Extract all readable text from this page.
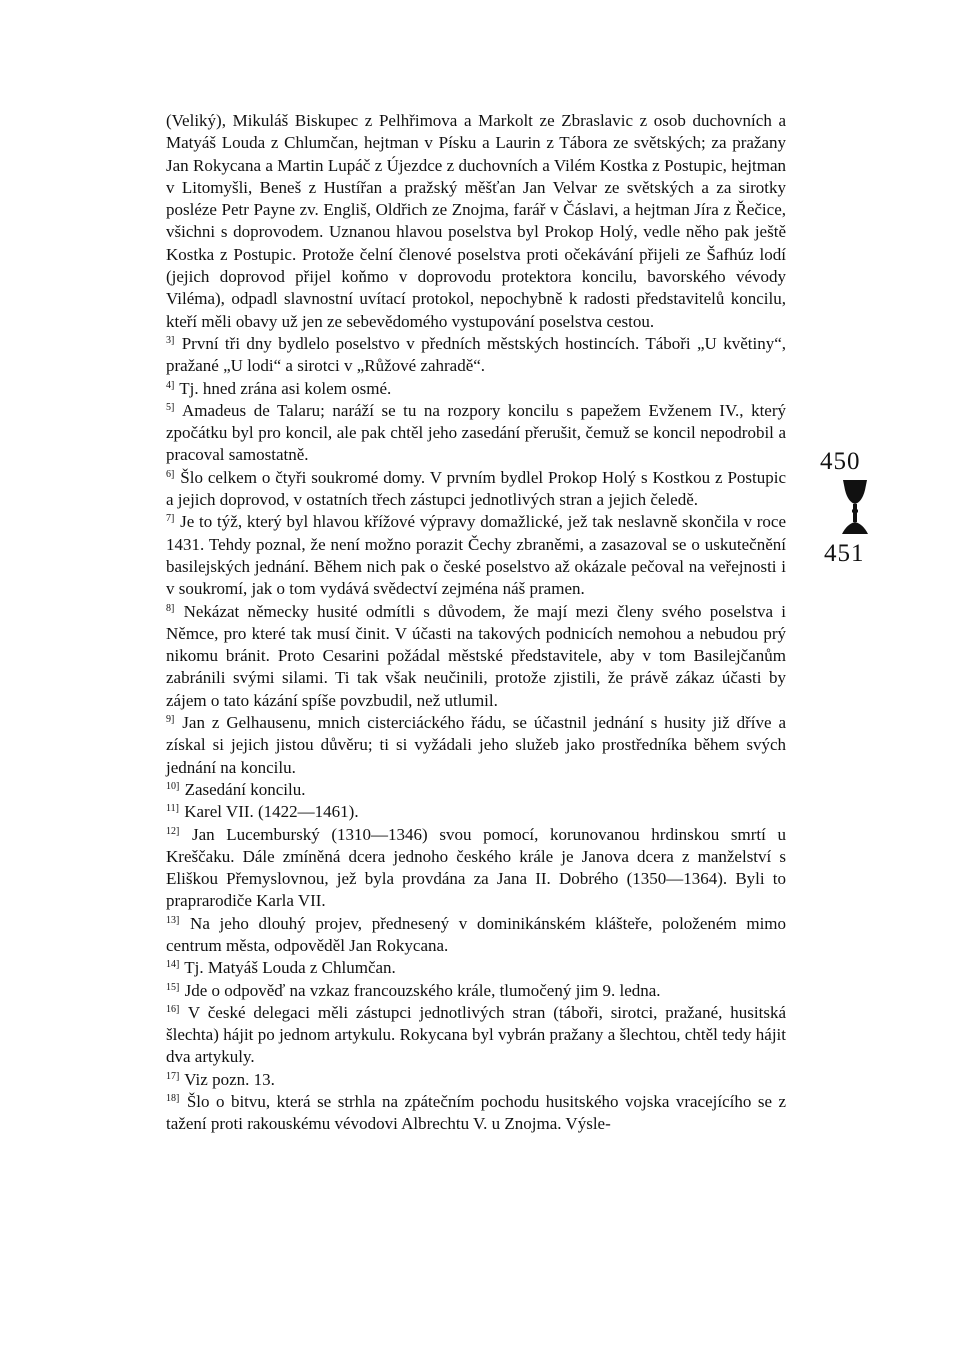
(Veliký), Mikuláš Biskupec z Pelhřimova a Markolt ze Zbraslavic z osob duchovních a Matyáš Louda z Chlumčan, hejtman v Písku a Laurin z Tábora ze světských; za pražany Jan Rokycana a Martin Lupáč z Újezdce z duchovních a Vilém Kostka z Postupic, hejtman v Litomyšli, Beneš z Hustířan a pražský měšťan Jan Velvar ze světských a za sirotky posléze Petr Payne zv. Engliš, Oldřich ze Znojma, farář v Čáslavi, a hejtman Jíra z Řečice, všichni s doprovodem. Uznanou hlavou poselstva byl Prokop Holý, vedle něho pak ještě Kostka z Postupic. Protože čelní členové poselstva proti očekávání přijeli ze Šafhúz lodí (jejich doprovod přijel koňmo v doprovodu protektora koncilu, bavorského vévody Viléma), odpadl slavnostní uvítací protokol, nepochybně k radosti představitelů koncilu, kteří měli obavy už jen ze sebevědomého vystupování poselstva cestou.

$^{3]}$ První tři dny bydlelo poselstvo v předních městských hostincích. Táboři „U květiny“, pražané „U lodi“ a sirotci v „Růžové zahradě“.

$^{4]}$ Tj. hned zrána asi kolem osmé.

$^{5]}$ Amadeus de Talaru; naráží se tu na rozpory koncilu s papežem Evženem IV., který zpočátku byl pro koncil, ale pak chtěl jeho zasedání přerušit, čemuž se koncil nepodrobil a pracoval samostatně.

$^{6]}$ Šlo celkem o čtyři soukromé domy. V prvním bydlel Prokop Holý s Kostkou z Postupic a jejich doprovod, v ostatních třech zástupci jednotlivých stran a jejich čeledě.

$^{7]}$ Je to týž, který byl hlavou křížové výpravy domažlické, jež tak neslavně skončila v roce 1431. Tehdy poznal, že není možno porazit Čechy zbraněmi, a zasazoval se o uskutečnění basilejských jednání. Během nich pak o české poselstvo až okázale pečoval na veřejnosti i v soukromí, jak o tom vydává svědectví zejména náš pramen.

$^{8]}$ Nekázat německy husité odmítli s důvodem, že mají mezi členy svého poselstva i Němce, pro které tak musí činit. V účasti na takových podnicích nemohou a nebudou prý nikomu bránit. Proto Cesarini požádal městské představitele, aby v tom Basilejčanům zabránili svými silami. Ti tak však neučinili, protože zjistili, že právě zákaz účasti by zájem o tato kázání spíše povzbudil, než utlumil.

$^{9]}$ Jan z Gelhausenu, mnich cisterciáckého řádu, se účastnil jednání s husity již dříve a získal si jejich jistou důvěru; ti si vyžádali jeho služeb jako prostředníka během svých jednání na koncilu.

$^{10]}$ Zasedání koncilu.

$^{11]}$ Karel VII. (1422—1461).

$^{12]}$ Jan Lucemburský (1310—1346) svou pomocí, korunovanou hrdinskou smrtí u Kreščaku. Dále zmíněná dcera jednoho českého krále je Janova dcera z manželství s Eliškou Přemyslovnou, jež byla provdána za Jana II. Dobrého (1350—1364). Byli to praprarodiče Karla VII.

$^{13]}$ Na jeho dlouhý projev, přednesený v dominikánském klášteře, položeném mimo centrum města, odpověděl Jan Rokycana.

$^{14]}$ Tj. Matyáš Louda z Chlumčan.

$^{15]}$ Jde o odpověď na vzkaz francouzského krále, tlumočený jim 9. ledna.

$^{16]}$ V české delegaci měli zástupci jednotlivých stran (táboři, sirotci, pražané, husitská šlechta) hájit po jednom artykulu. Rokycana byl vybrán pražany a šlechtou, chtěl tedy hájit dva artykuly.

$^{17]}$ Viz pozn. 13.

$^{18]}$ Šlo o bitvu, která se strhla na zpátečním pochodu husitského vojska vracejícího se z tažení proti rakouskému vévodovi Albrechtu V. u Znojma. Výsle-

450
451
